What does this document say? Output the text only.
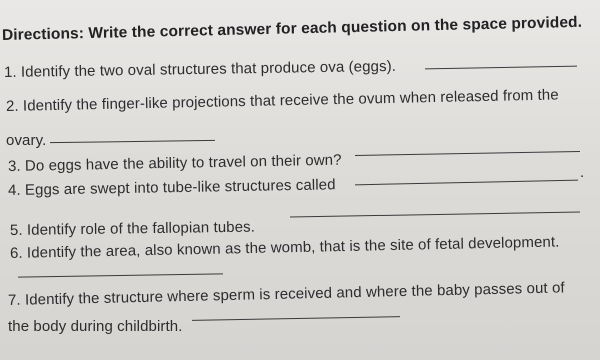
Directions: Write the correct answer for each question on the space provided.
1. Identify the two oval structures that produce ova (eggs).
2. Identify the finger-like projections that receive the ovum when released from the
ovary.
3. Do eggs have the ability to travel on their own?
4. Eggs are swept into tube-like structures called
.
5. Identify role of the fallopian tubes.
6. Identify the area, also known as the womb, that is the site of fetal development.
7. Identify the structure where sperm is received and where the baby passes out of
the body during childbirth.
